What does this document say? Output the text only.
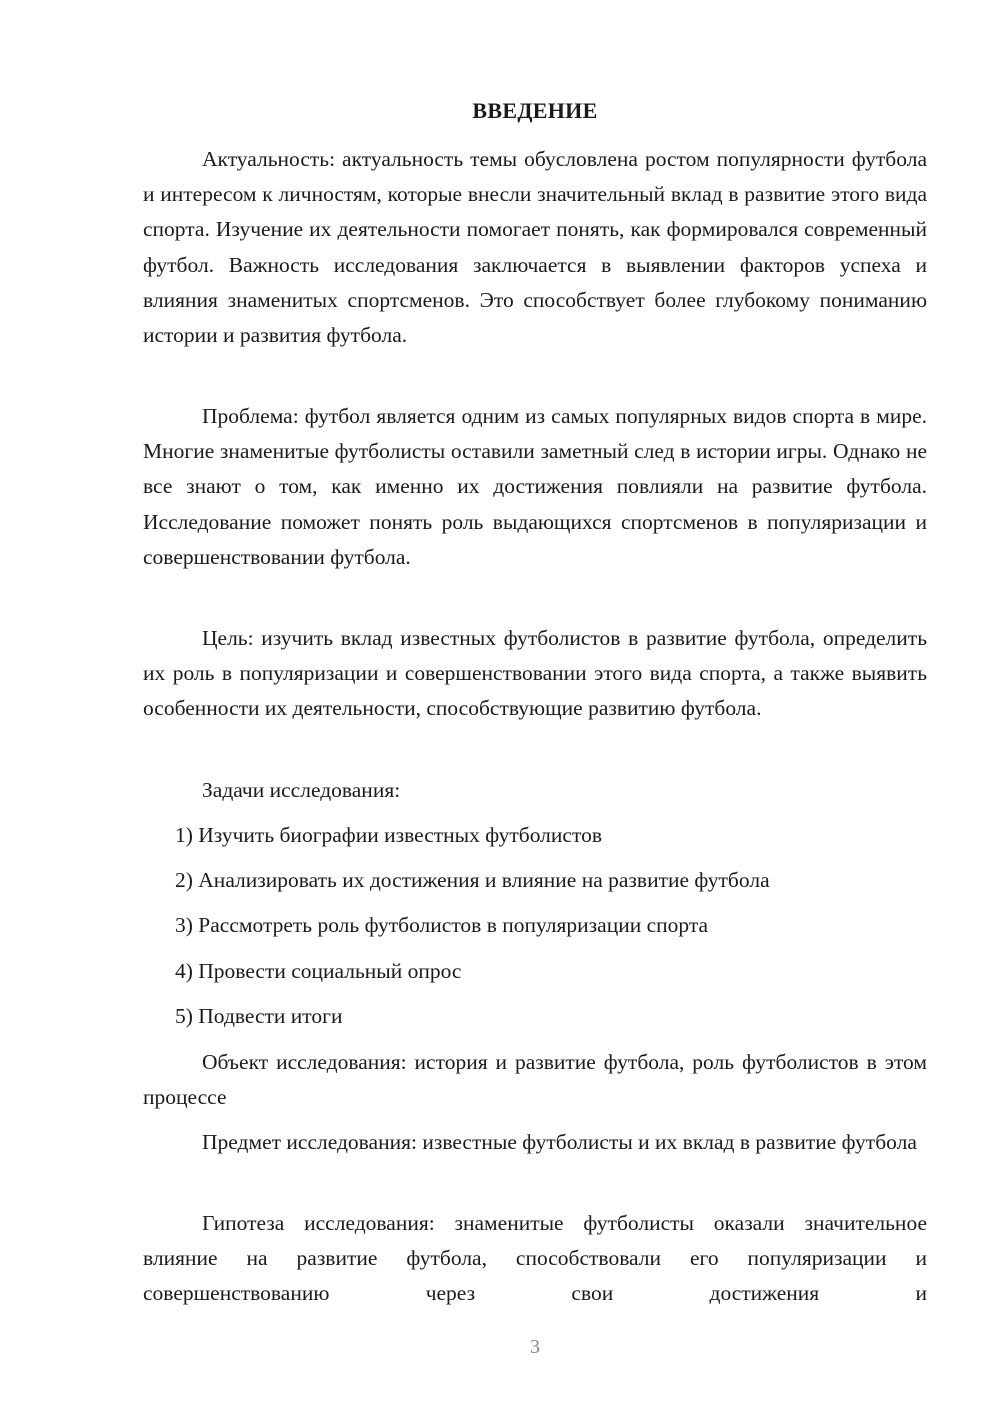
ВВЕДЕНИЕ

Актуальность: актуальность темы обусловлена ростом популярности футбола и интересом к личностям, которые внесли значительный вклад в развитие этого вида спорта. Изучение их деятельности помогает понять, как формировался современный футбол. Важность исследования заключается в выявлении факторов успеха и влияния знаменитых спортсменов. Это способствует более глубокому пониманию истории и развития футбола.

Проблема: футбол является одним из самых популярных видов спорта в мире. Многие знаменитые футболисты оставили заметный след в истории игры. Однако не все знают о том, как именно их достижения повлияли на развитие футбола. Исследование поможет понять роль выдающихся спортсменов в популяризации и совершенствовании футбола.

Цель: изучить вклад известных футболистов в развитие футбола, определить их роль в популяризации и совершенствовании этого вида спорта, а также выявить особенности их деятельности, способствующие развитию футбола.

Задачи исследования:
1) Изучить биографии известных футболистов
2) Анализировать их достижения и влияние на развитие футбола
3) Рассмотреть роль футболистов в популяризации спорта
4) Провести социальный опрос
5) Подвести итоги

Объект исследования: история и развитие футбола, роль футболистов в этом процессе

Предмет исследования: известные футболисты и их вклад в развитие футбола

Гипотеза исследования: знаменитые футболисты оказали значительное влияние на развитие футбола, способствовали его популяризации и совершенствованию через свои достижения и

3
